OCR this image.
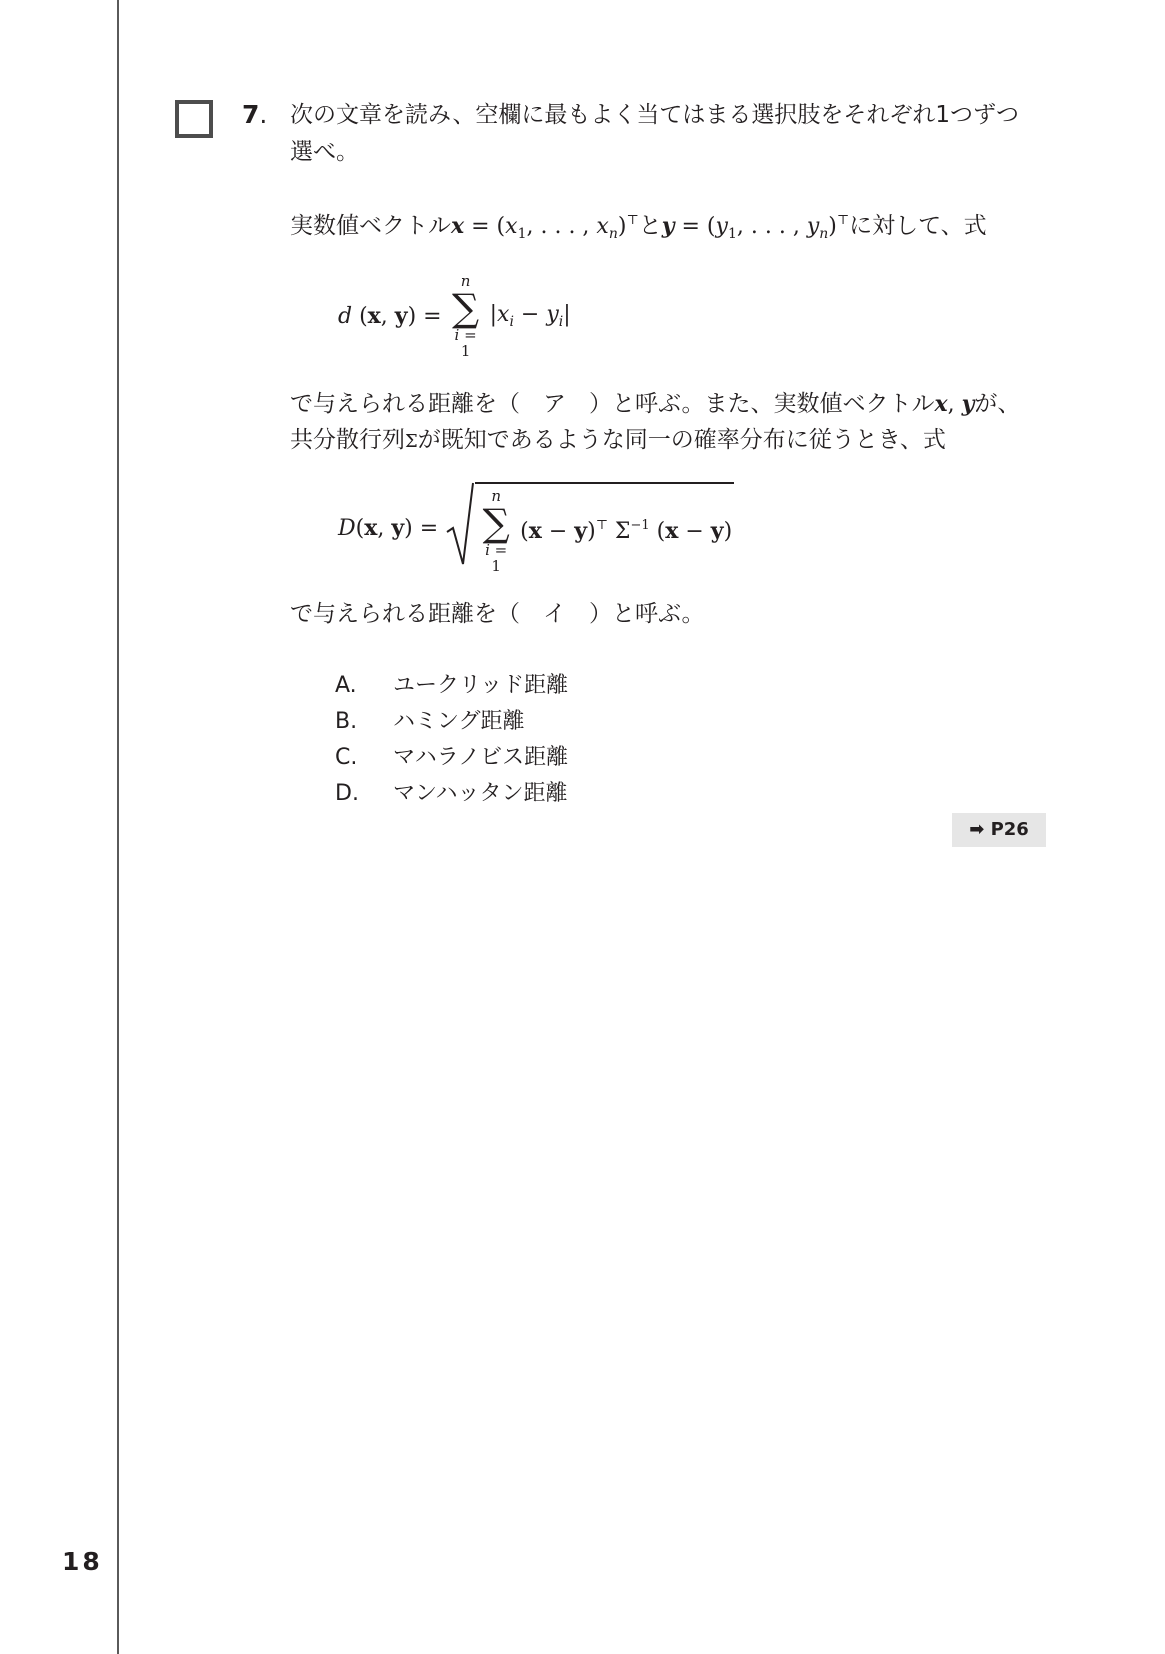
7. 次の文章を読み、空欄に最もよく当てはまる選択肢をそれぞれ1つずつ
選べ。
実数値ベクトル$x = (x_1$, . . . , $x_n)^⊤$と$y = (y_1$, . . . , $y_n)^⊤$に対して、式
d (x, y) =
n
∑
i = 1
$|x_i - y_i|$
で与えられる距離を（　ア　）と呼ぶ。また、実数値ベクトルx, yが、
共分散行列Σが既知であるような同一の確率分布に従うとき、式
D(x, y) =
n
∑
i = 1
(x − y)⊤ $\Sigma^{-1}$ (x − y)
で与えられる距離を（　イ　）と呼ぶ。
A. ユークリッド距離
B. ハミング距離
C. マハラノビス距離
D. マンハッタン距離
➡ P26
18
